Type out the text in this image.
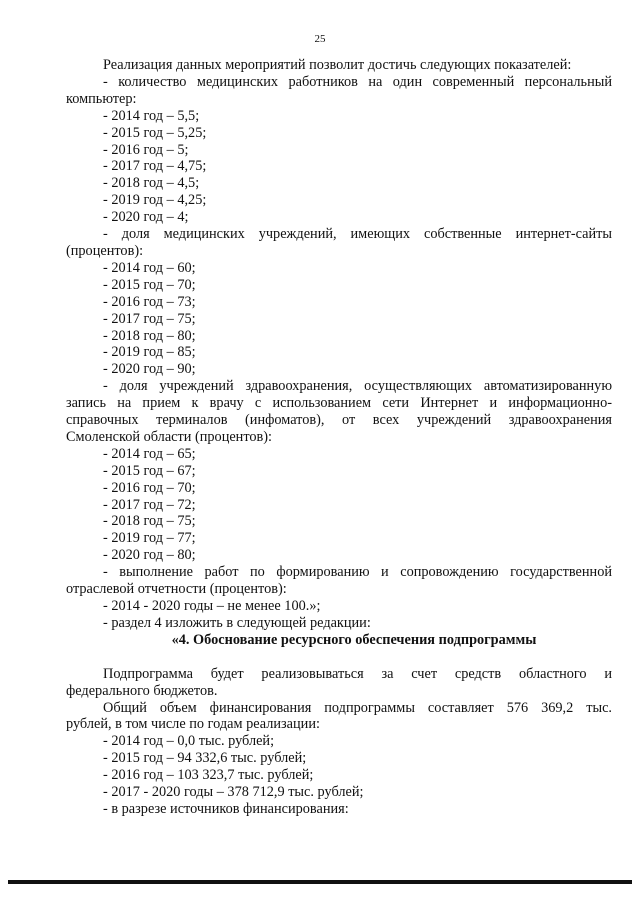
25

Реализация данных мероприятий позволит достичь следующих показателей:

- количество медицинских работников на один современный персональный

компьютер:

- 2014 год – 5,5;

- 2015 год – 5,25;

- 2016 год – 5;

- 2017 год – 4,75;

- 2018 год – 4,5;

- 2019 год – 4,25;

- 2020 год – 4;

- доля медицинских учреждений, имеющих собственные интернет-сайты

(процентов):

- 2014 год – 60;

- 2015 год – 70;

- 2016 год – 73;

- 2017 год – 75;

- 2018 год – 80;

- 2019 год – 85;

- 2020 год – 90;

- доля учреждений здравоохранения, осуществляющих автоматизированную

запись на прием к врачу с использованием сети Интернет и информационно-

справочных терминалов (инфоматов), от всех учреждений здравоохранения

Смоленской области (процентов):

- 2014 год – 65;

- 2015 год – 67;

- 2016 год – 70;

- 2017 год – 72;

- 2018 год – 75;

- 2019 год – 77;

- 2020 год – 80;

- выполнение работ по формированию и сопровождению государственной

отраслевой отчетности (процентов):

- 2014 - 2020 годы – не менее 100.»;

- раздел 4 изложить в следующей редакции:

«4. Обоснование ресурсного обеспечения подпрограммы

Подпрограмма будет реализовываться за счет средств областного и

федерального бюджетов.

Общий объем финансирования подпрограммы составляет 576 369,2 тыс.

рублей, в том числе по годам реализации:

- 2014 год – 0,0 тыс. рублей;

- 2015 год – 94 332,6 тыс. рублей;

- 2016 год – 103 323,7 тыс. рублей;

- 2017 - 2020 годы – 378 712,9 тыс. рублей;

- в разрезе источников финансирования:
